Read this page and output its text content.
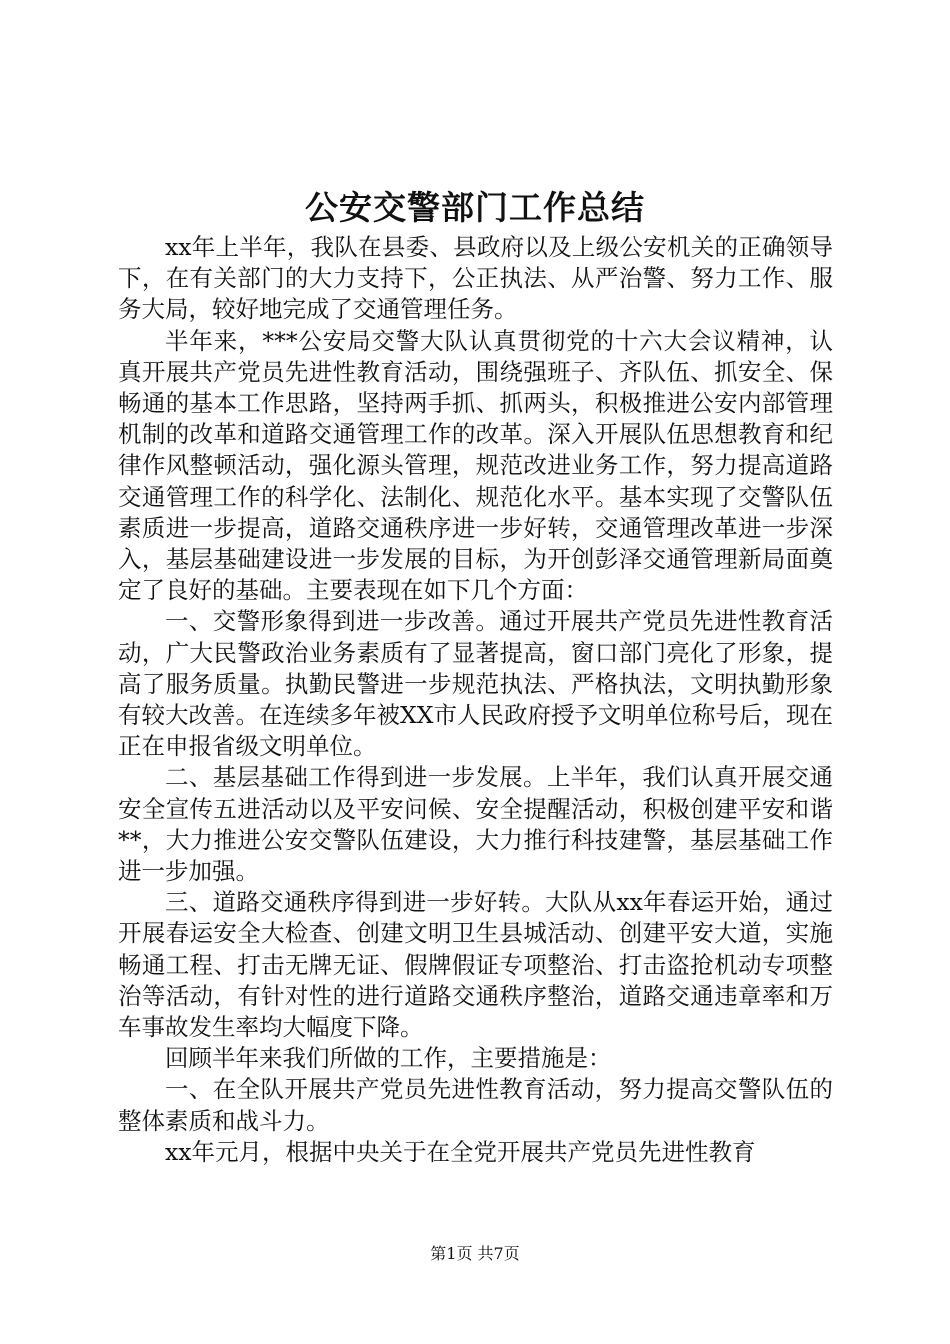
公安交警部门工作总结

xx年上半年，我队在县委、县政府以及上级公安机关的正确领导下，在有关部门的大力支持下，公正执法、从严治警、努力工作、服务大局，较好地完成了交通管理任务。

半年来，***公安局交警大队认真贯彻党的十六大会议精神，认真开展共产党员先进性教育活动，围绕强班子、齐队伍、抓安全、保畅通的基本工作思路，坚持两手抓、抓两头，积极推进公安内部管理机制的改革和道路交通管理工作的改革。深入开展队伍思想教育和纪律作风整顿活动，强化源头管理，规范改进业务工作，努力提高道路交通管理工作的科学化、法制化、规范化水平。基本实现了交警队伍素质进一步提高，道路交通秩序进一步好转，交通管理改革进一步深入，基层基础建设进一步发展的目标，为开创彭泽交通管理新局面奠定了良好的基础。主要表现在如下几个方面：

一、交警形象得到进一步改善。通过开展共产党员先进性教育活动，广大民警政治业务素质有了显著提高，窗口部门亮化了形象，提高了服务质量。执勤民警进一步规范执法、严格执法，文明执勤形象有较大改善。在连续多年被XX市人民政府授予文明单位称号后，现在正在申报省级文明单位。

二、基层基础工作得到进一步发展。上半年，我们认真开展交通安全宣传五进活动以及平安问候、安全提醒活动，积极创建平安和谐**，大力推进公安交警队伍建设，大力推行科技建警，基层基础工作进一步加强。

三、道路交通秩序得到进一步好转。大队从xx年春运开始，通过开展春运安全大检查、创建文明卫生县城活动、创建平安大道，实施畅通工程、打击无牌无证、假牌假证专项整治、打击盗抢机动专项整治等活动，有针对性的进行道路交通秩序整治，道路交通违章率和万车事故发生率均大幅度下降。

回顾半年来我们所做的工作，主要措施是：

一、在全队开展共产党员先进性教育活动，努力提高交警队伍的整体素质和战斗力。

xx年元月，根据中央关于在全党开展共产党员先进性教育

第1页 共7页
